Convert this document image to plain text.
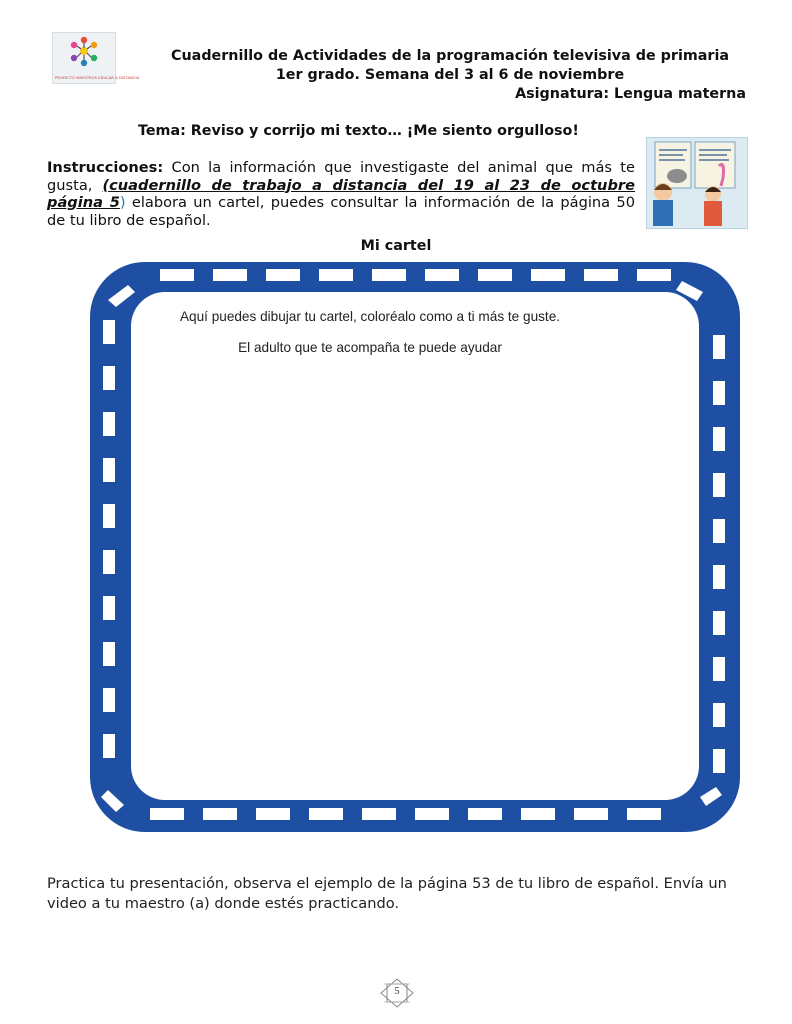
PROYECTO MAESTROS EDUCAR A DISTANCIA
Cuadernillo de Actividades de la programación televisiva de primaria
1er grado. Semana del 3 al 6 de noviembre
Asignatura: Lengua materna
Tema: Reviso y corrijo mi texto… ¡Me siento orgulloso!
Instrucciones: Con la información que investigaste del animal que más te gusta, (cuadernillo de trabajo a distancia del 19 al 23 de octubre página 5) elabora un cartel, puedes consultar la información de la página 50 de tu libro de español.
Mi cartel
Aquí puedes dibujar tu cartel, coloréalo como a ti más te guste.
El adulto que te acompaña te puede ayudar
Practica tu presentación, observa el ejemplo de la página 53 de tu libro de español. Envía un video a tu maestro (a) donde estés practicando.
5
